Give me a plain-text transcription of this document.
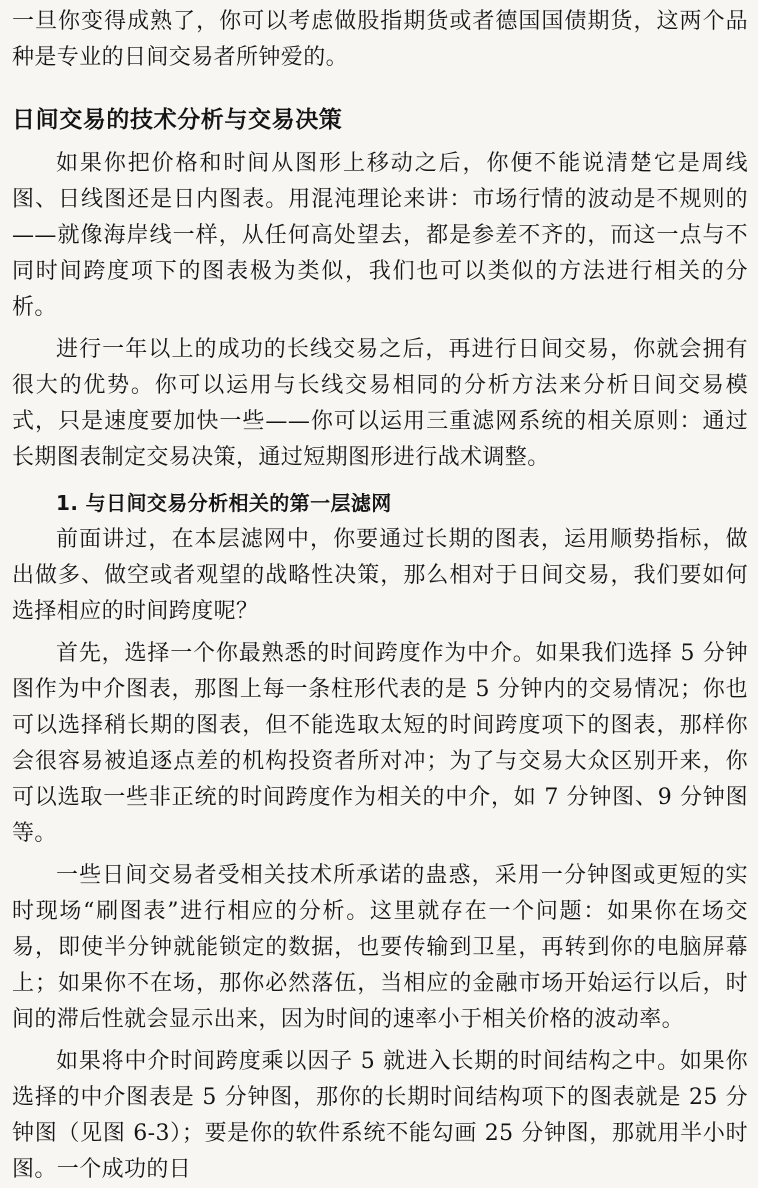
一旦你变得成熟了，你可以考虑做股指期货或者德国国债期货，这两个品种是专业的日间交易者所钟爱的。

日间交易的技术分析与交易决策

如果你把价格和时间从图形上移动之后，你便不能说清楚它是周线图、日线图还是日内图表。用混沌理论来讲：市场行情的波动是不规则的——就像海岸线一样，从任何高处望去，都是参差不齐的，而这一点与不同时间跨度项下的图表极为类似，我们也可以类似的方法进行相关的分析。

进行一年以上的成功的长线交易之后，再进行日间交易，你就会拥有很大的优势。你可以运用与长线交易相同的分析方法来分析日间交易模式，只是速度要加快一些——你可以运用三重滤网系统的相关原则：通过长期图表制定交易决策，通过短期图形进行战术调整。

1. 与日间交易分析相关的第一层滤网

前面讲过，在本层滤网中，你要通过长期的图表，运用顺势指标，做出做多、做空或者观望的战略性决策，那么相对于日间交易，我们要如何选择相应的时间跨度呢？

首先，选择一个你最熟悉的时间跨度作为中介。如果我们选择 5 分钟图作为中介图表，那图上每一条柱形代表的是 5 分钟内的交易情况；你也可以选择稍长期的图表，但不能选取太短的时间跨度项下的图表，那样你会很容易被追逐点差的机构投资者所对冲；为了与交易大众区别开来，你可以选取一些非正统的时间跨度作为相关的中介，如 7 分钟图、9 分钟图等。

一些日间交易者受相关技术所承诺的蛊惑，采用一分钟图或更短的实时现场“刷图表”进行相应的分析。这里就存在一个问题：如果你在场交易，即使半分钟就能锁定的数据，也要传输到卫星，再转到你的电脑屏幕上；如果你不在场，那你必然落伍，当相应的金融市场开始运行以后，时间的滞后性就会显示出来，因为时间的速率小于相关价格的波动率。

如果将中介时间跨度乘以因子 5 就进入长期的时间结构之中。如果你选择的中介图表是 5 分钟图，那你的长期时间结构项下的图表就是 25 分钟图（见图 6-3）；要是你的软件系统不能勾画 25 分钟图，那就用半小时图。一个成功的日
